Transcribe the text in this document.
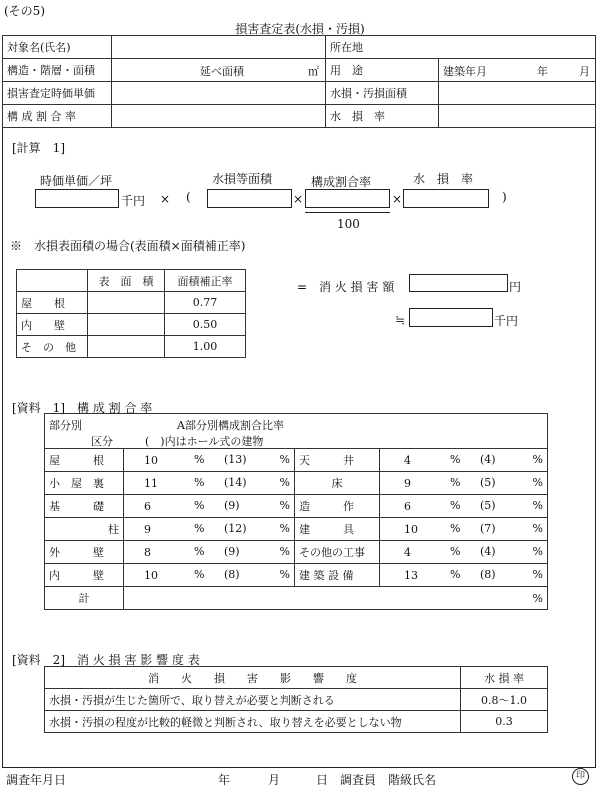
(その5)
損害査定表(水損・汚損)
対象名(氏名)		所在地	
構造・階層・面積	延べ面積 ㎡	用　途	建築年月 年 月

損害査定時価単価		水損・汚損面積	
構 成 割 合 率		水　損　率	
[計算　1]
時価単価／坪	水損等面積	構成割合率	水　損　率
千円 × (	×
100
×	)
※　水損表面積の場合(表面積×面積補正率)
	表　面　積	面積補正率
屋　　根		0.77
内　　壁		0.50
そ　の　他		1.00
=　消 火 損 害 額	円
≒	千円
[資料　1]　構 成 割 合 率
部分別	A部分別構成割合比率
区分	(　)内はホール式の建物
屋　　　根	10	% (13) %	天　　　井	4	% (4) %

小　屋　裏	11	% (14) %	床	9	% (5) %

基　　　礎	6	% (9) %	造　　　作	6	% (5) %

柱	9	% (12) %	建　　　具	10	% (7) %

外　　　壁	8	% (9) %	その他の工事	4	% (4) %

内　　　壁	10	% (8) %	建 築 設 備	13	% (8) %

計	%				
[資料　2]　消 火 損 害 影 響 度 表
消　　火　　損　　害　　影　　響　　度	水 損 率
水損・汚損が生じた箇所で、取り替えが必要と判断される	0.8～1.0
水損・汚損の程度が比較的軽微と判断され、取り替えを必要としない物	0.3
調査年月日	年	月	日 調査員　階級氏名	印
